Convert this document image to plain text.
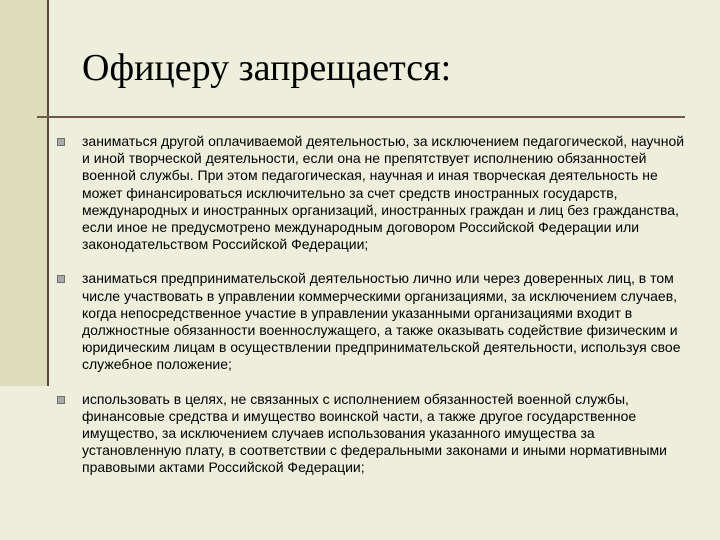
Офицеру запрещается:

заниматься другой оплачиваемой деятельностью, за исключением педагогической, научной и иной творческой деятельности, если она не препятствует исполнению обязанностей военной службы. При этом педагогическая, научная и иная творческая деятельность не может финансироваться исключительно за счет средств иностранных государств, международных и иностранных организаций, иностранных граждан и лиц без гражданства, если иное не предусмотрено международным договором Российской Федерации или законодательством Российской Федерации;

заниматься предпринимательской деятельностью лично или через доверенных лиц, в том числе участвовать в управлении коммерческими организациями, за исключением случаев, когда непосредственное участие в управлении указанными организациями входит в должностные обязанности военнослужащего, а также оказывать содействие физическим и юридическим лицам в осуществлении предпринимательской деятельности, используя свое служебное положение;

использовать в целях, не связанных с исполнением обязанностей военной службы, финансовые средства и имущество воинской части, а также другое государственное имущество, за исключением случаев использования указанного имущества за установленную плату, в соответствии с федеральными законами и иными нормативными правовыми актами Российской Федерации;
